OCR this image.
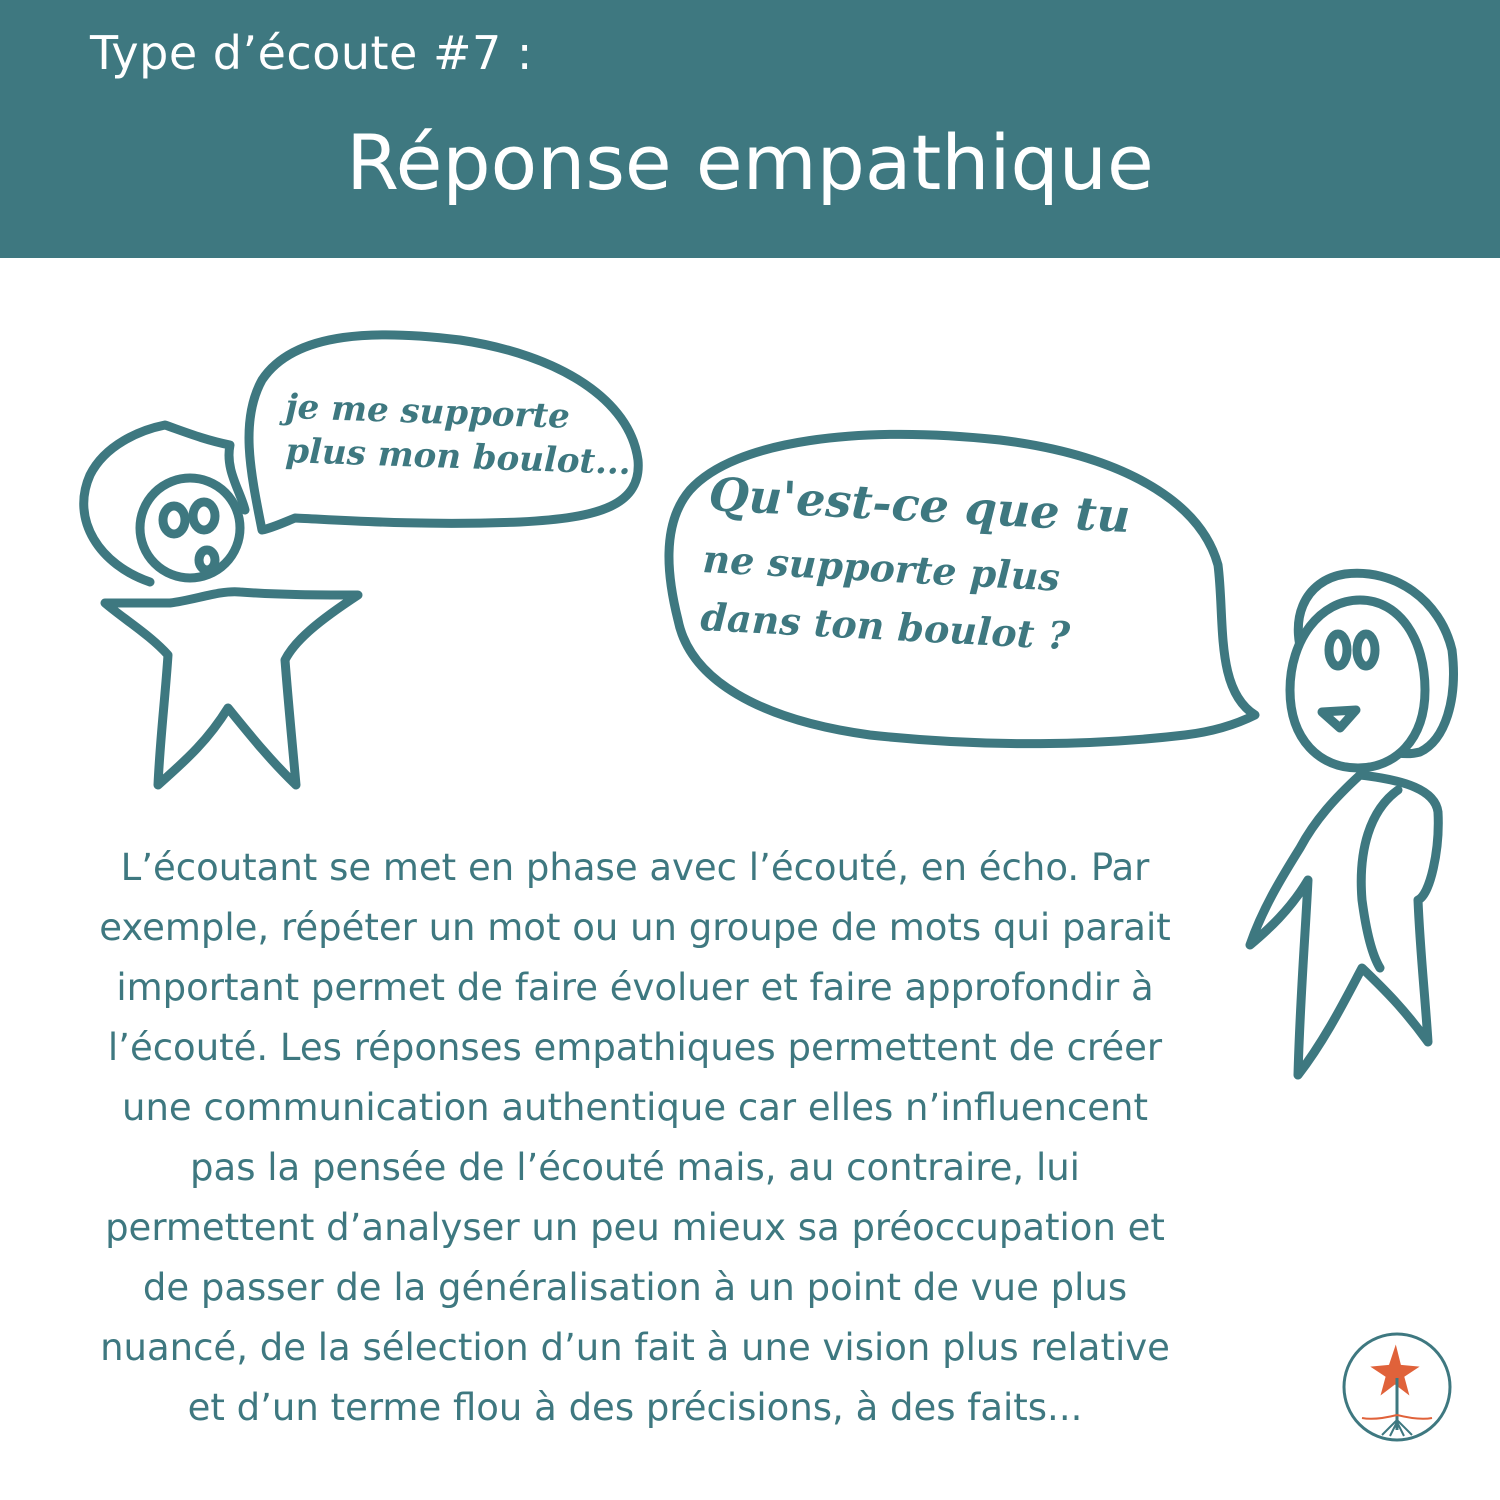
Type d’écoute #7 :
Réponse empathique
je me supporte
plus mon boulot...
Qu'est-ce que tu
ne supporte plus
dans ton boulot ?
L’écoutant se met en phase avec l’écouté, en écho. Par exemple, répéter un mot ou un groupe de mots qui parait important permet de faire évoluer et faire approfondir à l’écouté. Les réponses empathiques permettent de créer une communication authentique car elles n’influencent pas la pensée de l’écouté mais, au contraire, lui permettent d’analyser un peu mieux sa préoccupation et de passer de la généralisation à un point de vue plus nuancé, de la sélection d’un fait à une vision plus relative et d’un terme flou à des précisions, à des faits...
